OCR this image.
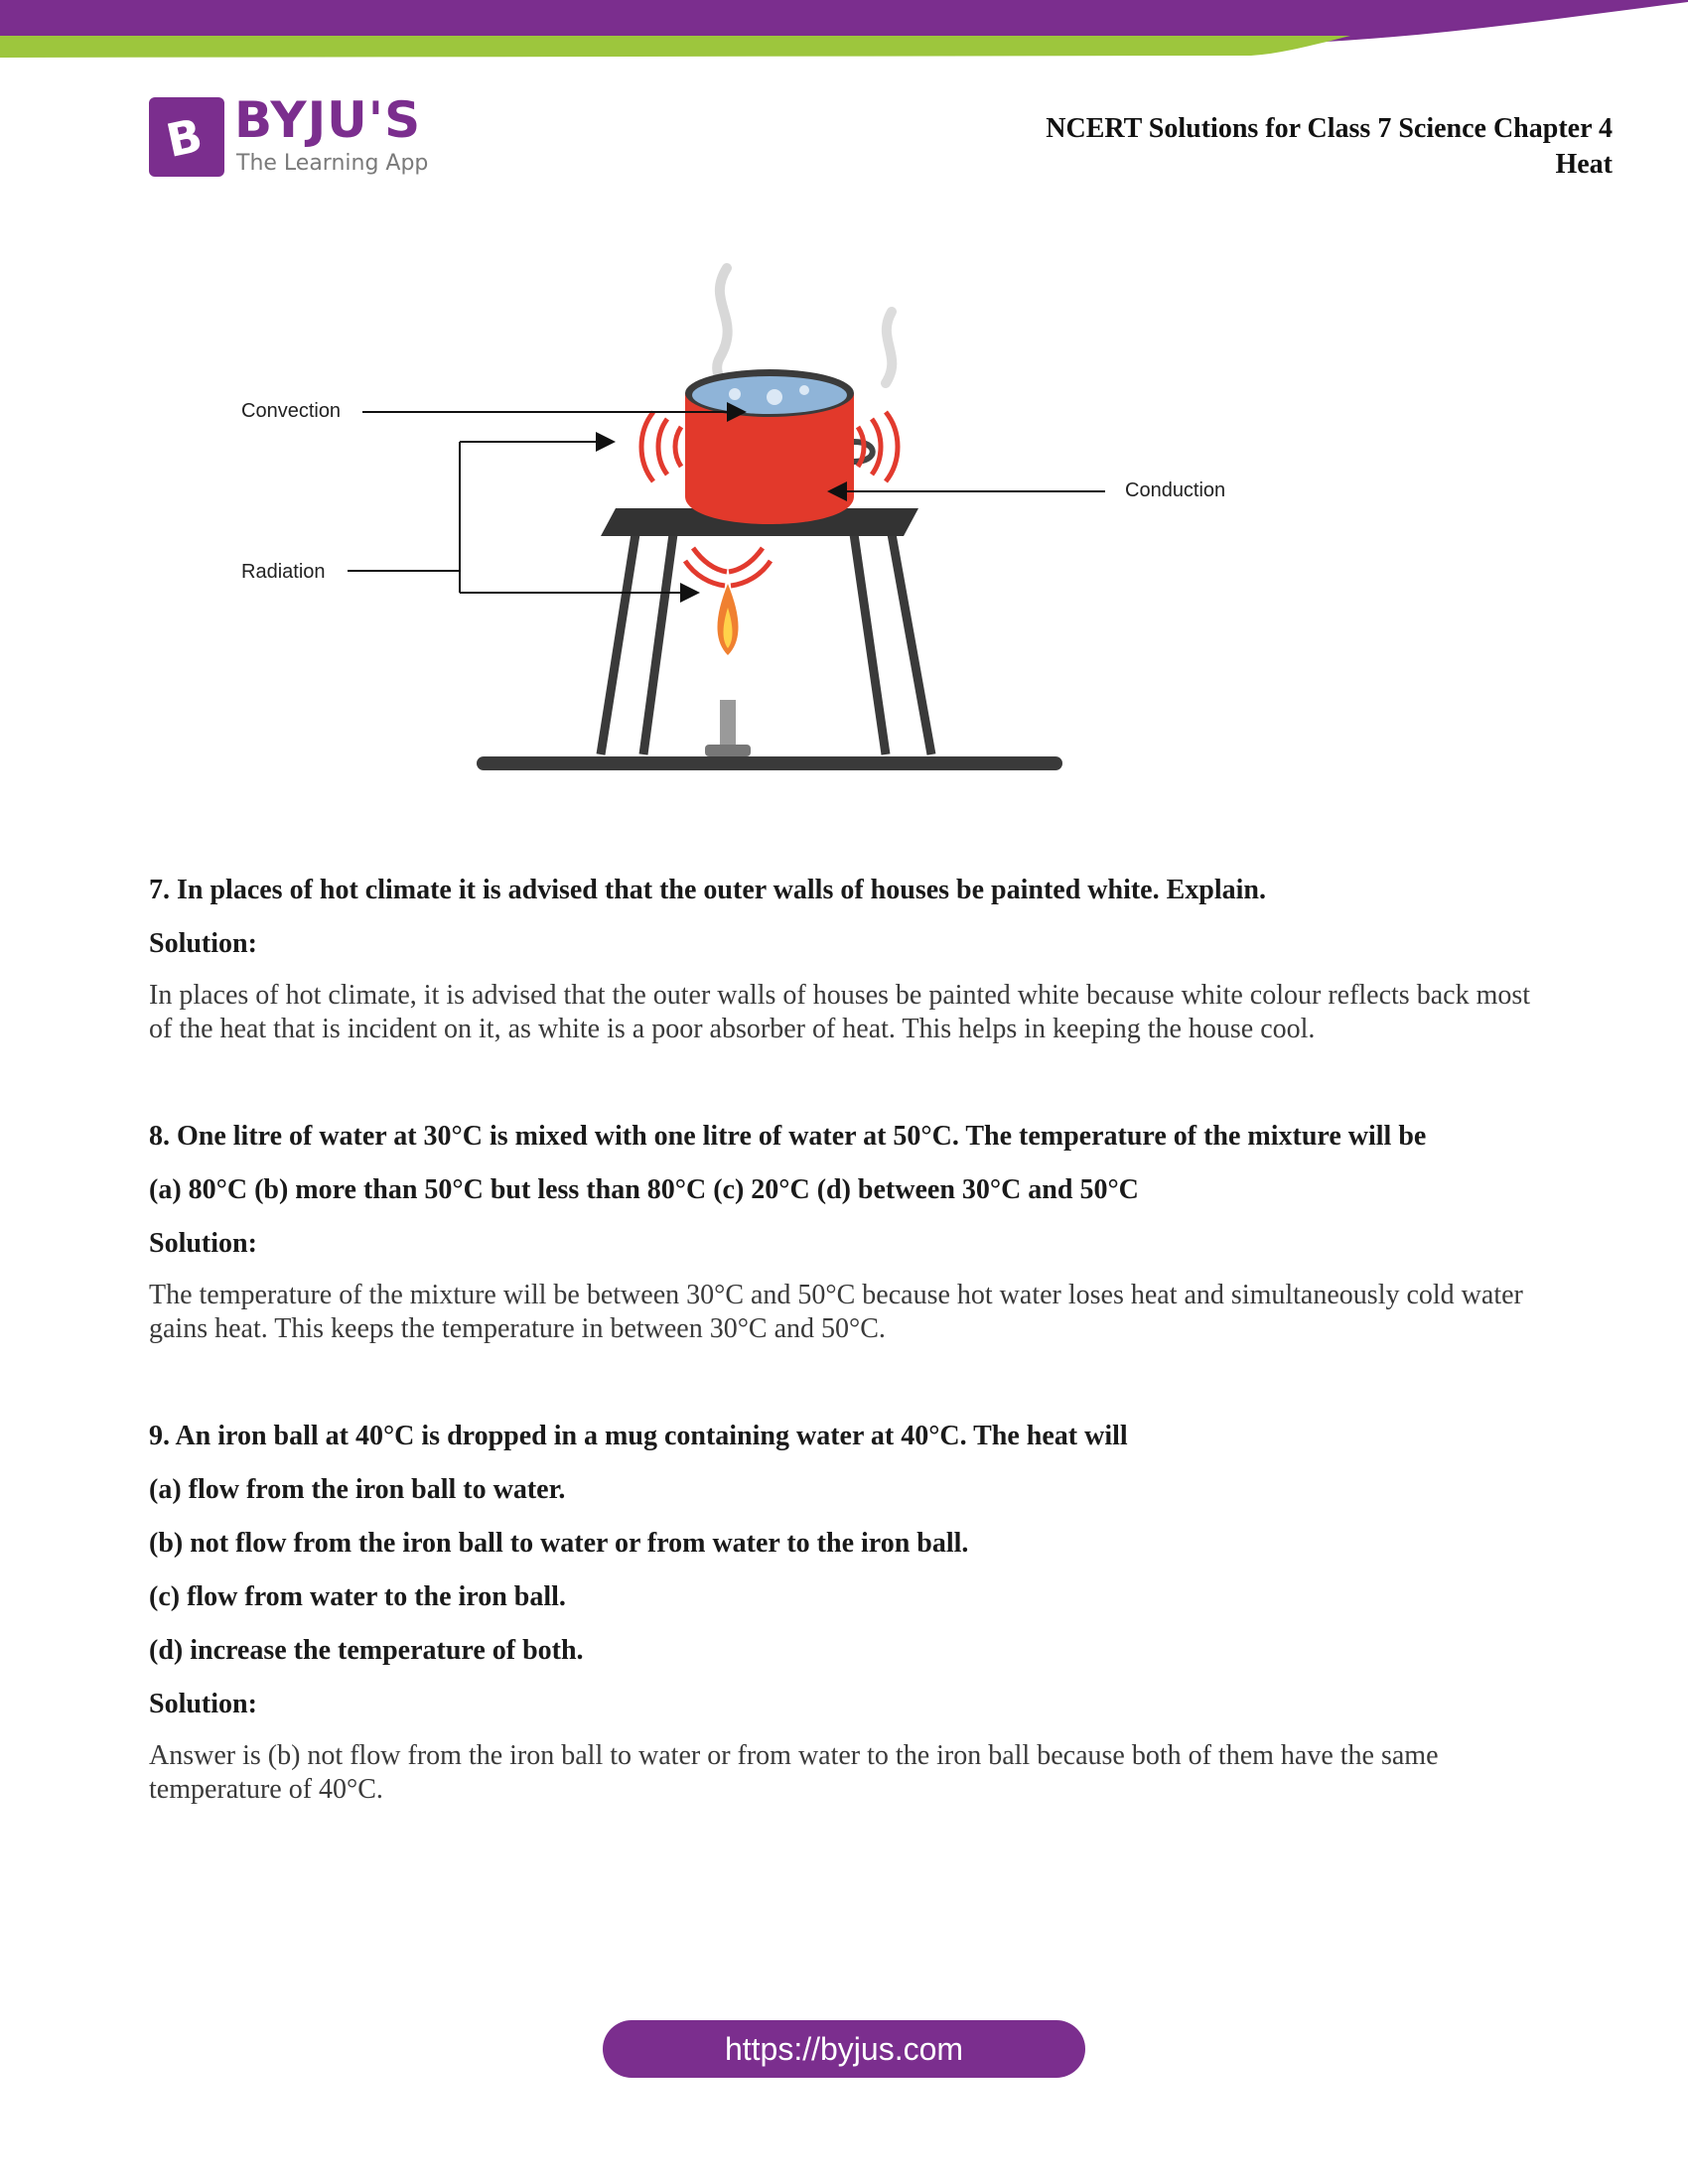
B BYJU'S
The Learning App
NCERT Solutions for Class 7 Science Chapter 4
Heat
Convection
Radiation
Conduction
7. In places of hot climate it is advised that the outer walls of houses be painted white. Explain.
Solution:
In places of hot climate, it is advised that the outer walls of houses be painted white because white colour reflects back most of the heat that is incident on it, as white is a poor absorber of heat. This helps in keeping the house cool.
8. One litre of water at 30°C is mixed with one litre of water at 50°C. The temperature of the mixture will be
(a) 80°C (b) more than 50°C but less than 80°C (c) 20°C (d) between 30°C and 50°C
Solution:
The temperature of the mixture will be between 30°C and 50°C because hot water loses heat and simultaneously cold water gains heat. This keeps the temperature in between 30°C and 50°C.
9. An iron ball at 40°C is dropped in a mug containing water at 40°C. The heat will
(a) flow from the iron ball to water.
(b) not flow from the iron ball to water or from water to the iron ball.
(c) flow from water to the iron ball.
(d) increase the temperature of both.
Solution:
Answer is (b) not flow from the iron ball to water or from water to the iron ball because both of them have the same temperature of 40°C.
https://byjus.com
